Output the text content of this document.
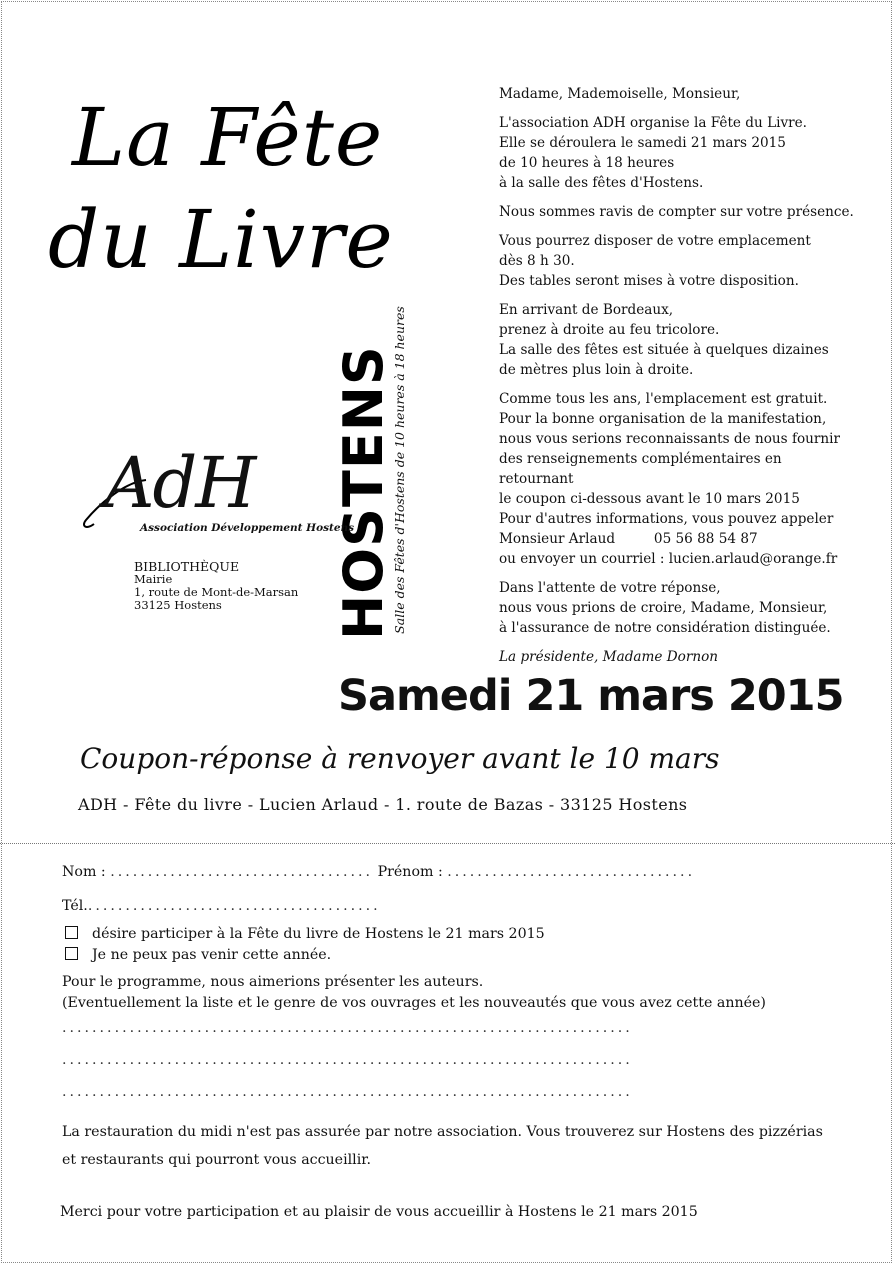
La Fête
du Livre
HOSTENS
Salle des Fêtes d'Hostens de 10 heures à 18 heures
AdH
Association Développement Hostens
BIBLIOTHÈQUE
Mairie
1, route de Mont-de-Marsan
33125 Hostens

Madame, Mademoiselle, Monsieur,

L'association ADH organise la Fête du Livre.
Elle se déroulera le samedi 21 mars 2015
de 10 heures à 18 heures
à la salle des fêtes d'Hostens.

Nous sommes ravis de compter sur votre présence.

Vous pourrez disposer de votre emplacement
dès 8 h 30.
Des tables seront mises à votre disposition.

En arrivant de Bordeaux,
prenez à droite au feu tricolore.
La salle des fêtes est située à quelques dizaines
de mètres plus loin à droite.

Comme tous les ans, l'emplacement est gratuit.
Pour la bonne organisation de la manifestation,
nous vous serions reconnaissants de nous fournir
des renseignements complémentaires en retournant
le coupon ci-dessous avant le 10 mars 2015
Pour d'autres informations, vous pouvez appeler
Monsieur Arlaud         05 56 88 54 87
ou envoyer un courriel : lucien.arlaud@orange.fr

Dans l'attente de votre réponse,
nous vous prions de croire, Madame, Monsieur,
à l'assurance de notre considération distinguée.

La présidente, Madame Dornon

Samedi 21 mars 2015
Coupon-réponse à renvoyer avant le 10 mars
ADH - Fête du livre - Lucien Arlaud - 1. route de Bazas - 33125 Hostens
Nom : ................................... Prénom : .................................
Tél........................................
désire participer à la Fête du livre de Hostens le 21 mars 2015
Je ne peux pas venir cette année.
Pour le programme, nous aimerions présenter les auteurs.
(Eventuellement la liste et le genre de vos ouvrages et les nouveautés que vous avez cette année)
............................................................................
............................................................................
............................................................................
La restauration du midi n'est pas assurée par notre association. Vous trouverez sur Hostens des pizzérias
et restaurants qui pourront vous accueillir.
Merci pour votre participation et au plaisir de vous accueillir à Hostens le 21 mars 2015
